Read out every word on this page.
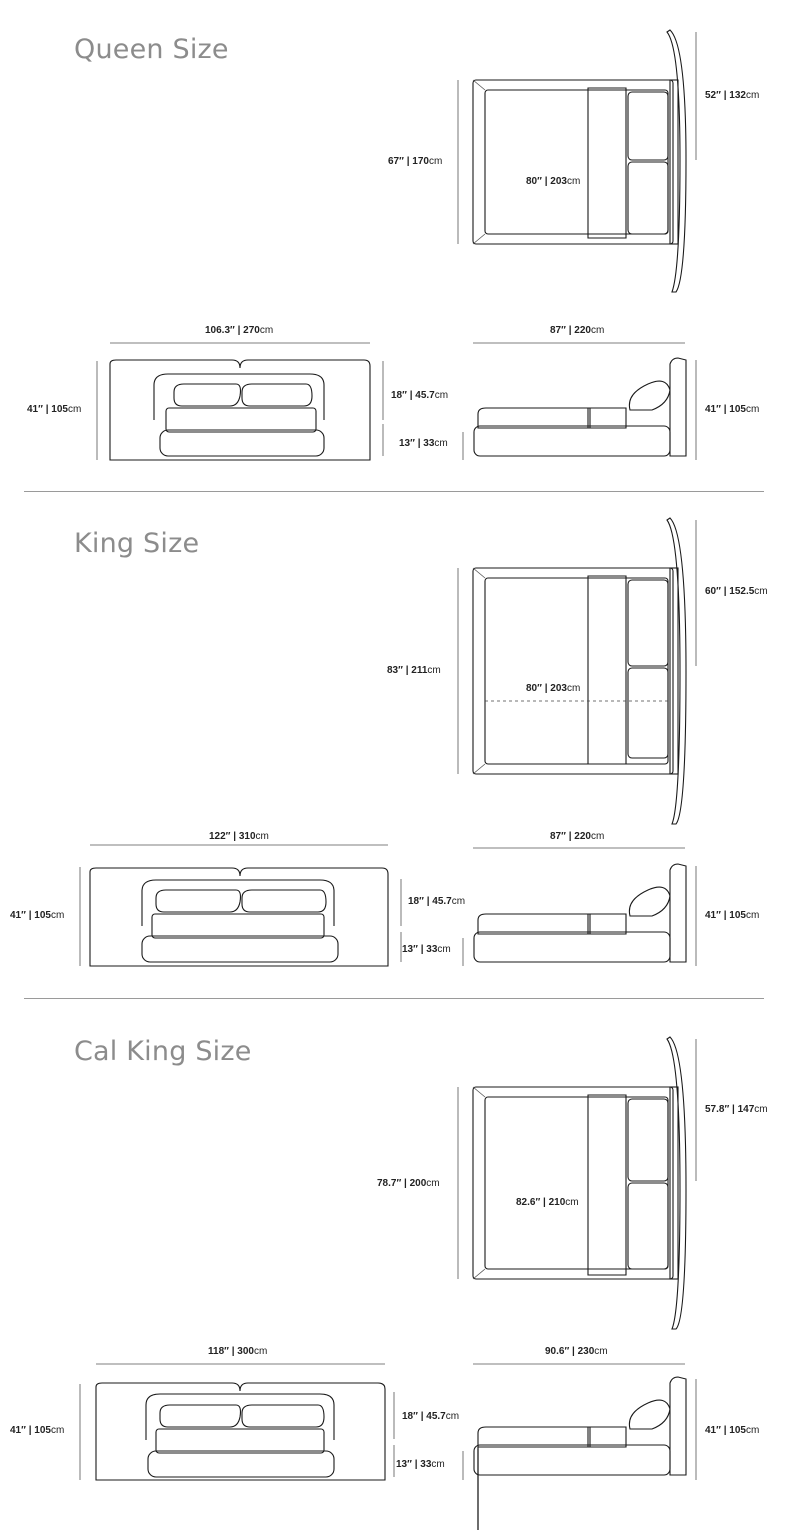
Queen Size
67″ | 170cm
80″ | 203cm
52″ | 132cm
106.3″ | 270cm
41″ | 105cm
18″ | 45.7cm
13″ | 33cm
87″ | 220cm
41″ | 105cm
King Size
83″ | 211cm
80″ | 203cm
60″ | 152.5cm
122″ | 310cm
41″ | 105cm
18″ | 45.7cm
13″ | 33cm
87″ | 220cm
41″ | 105cm
Cal King Size
78.7″ | 200cm
82.6″ | 210cm
57.8″ | 147cm
118″ | 300cm
41″ | 105cm
18″ | 45.7cm
13″ | 33cm
90.6″ | 230cm
41″ | 105cm
